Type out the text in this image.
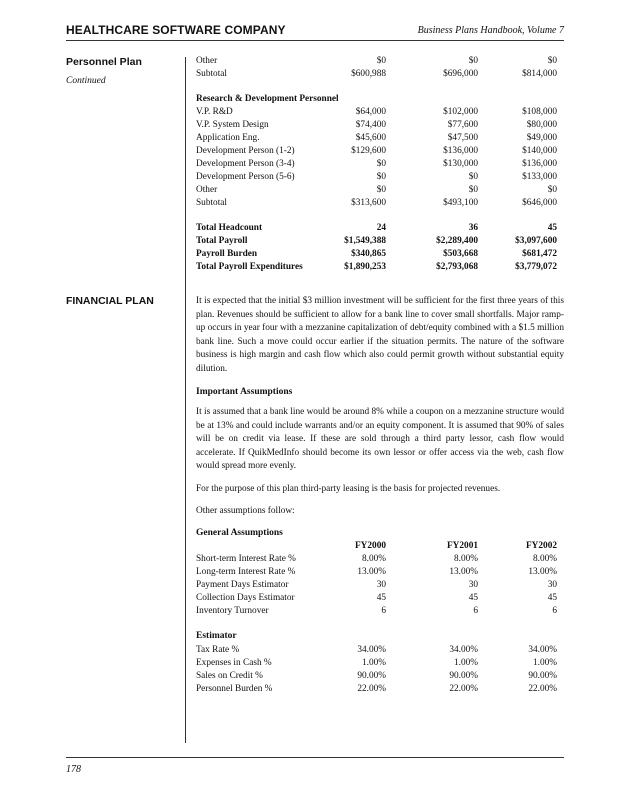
HEALTHCARE SOFTWARE COMPANY	Business Plans Handbook, Volume 7
Personnel Plan
Continued
Other	$0	$0	$0
Subtotal	$600,988	$696,000	$814,000
Research & Development Personnel
V.P. R&D	$64,000	$102,000	$108,000
V.P. System Design	$74,400	$77,600	$80,000
Application Eng.	$45,600	$47,500	$49,000
Development Person (1-2)	$129,600	$136,000	$140,000
Development Person (3-4)	$0	$130,000	$136,000
Development Person (5-6)	$0	$0	$133,000
Other	$0	$0	$0
Subtotal	$313,600	$493,100	$646,000
Total Headcount	24	36	45
Total Payroll	$1,549,388	$2,289,400	$3,097,600
Payroll Burden	$340,865	$503,668	$681,472
Total Payroll Expenditures	$1,890,253	$2,793,068	$3,779,072
FINANCIAL PLAN	It is expected that the initial $3 million investment will be sufficient for the first three years of this plan. Revenues should be sufficient to allow for a bank line to cover small shortfalls. Major ramp-up occurs in year four with a mezzanine capitalization of debt/equity combined with a $1.5 million bank line. Such a move could occur earlier if the situation permits. The nature of the software business is high margin and cash flow which also could permit growth without substantial equity dilution.
Important Assumptions
It is assumed that a bank line would be around 8% while a coupon on a mezzanine structure would be at 13% and could include warrants and/or an equity component. It is assumed that 90% of sales will be on credit via lease. If these are sold through a third party lessor, cash flow would accelerate. If QuikMedInfo should become its own lessor or offer access via the web, cash flow would spread more evenly.
For the purpose of this plan third-party leasing is the basis for projected revenues.
Other assumptions follow:
General Assumptions
FY2000	FY2001	FY2002
Short-term Interest Rate %	8.00%	8.00%	8.00%
Long-term Interest Rate %	13.00%	13.00%	13.00%
Payment Days Estimator	30	30	30
Collection Days Estimator	45	45	45
Inventory Turnover	6	6	6
Estimator
Tax Rate %	34.00%	34.00%	34.00%
Expenses in Cash %	1.00%	1.00%	1.00%
Sales on Credit %	90.00%	90.00%	90.00%
Personnel Burden %	22.00%	22.00%	22.00%
178
